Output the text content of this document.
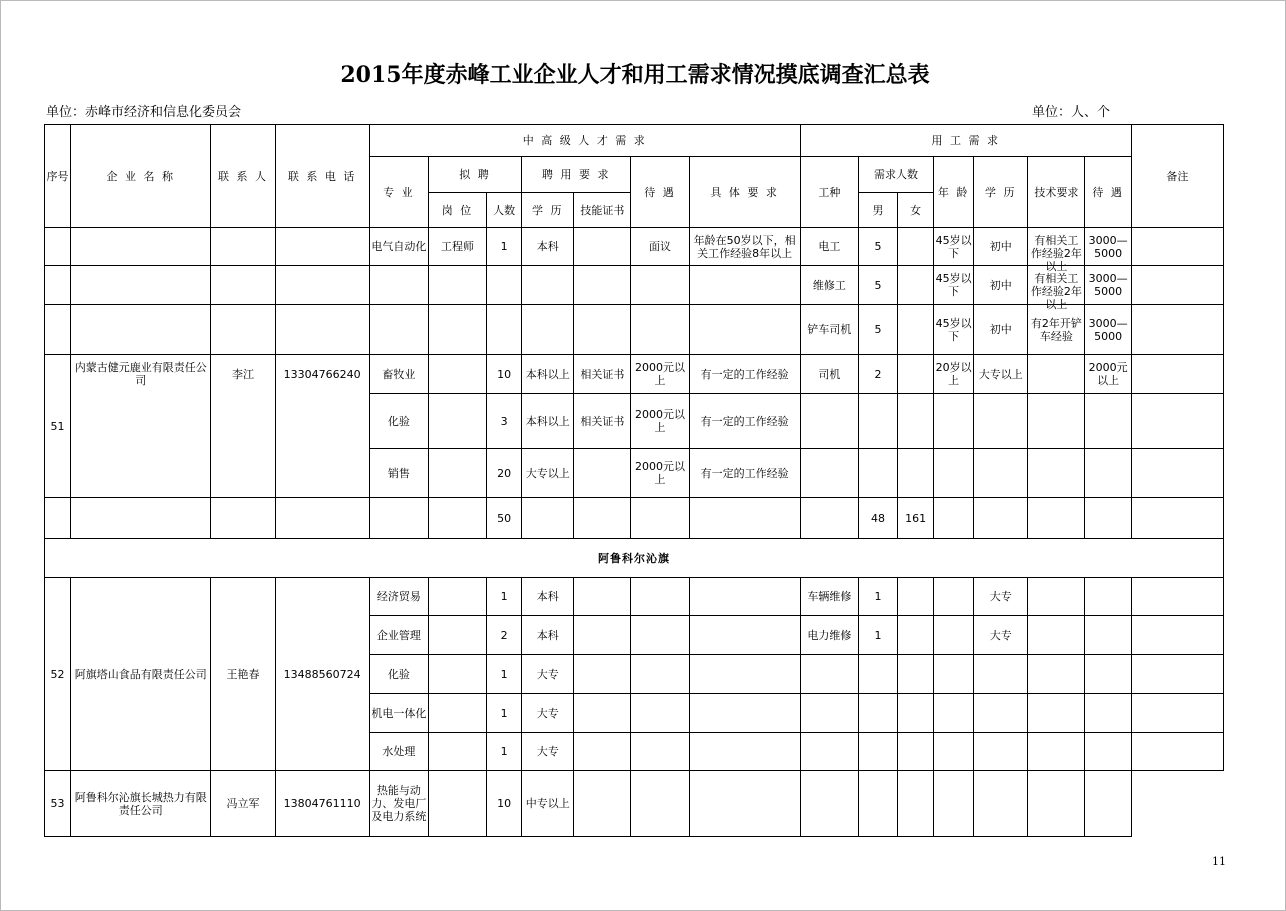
2015年度赤峰工业企业人才和用工需求情况摸底调查汇总表
单位：赤峰市经济和信息化委员会	单位：人、个
序号	企 业 名 称	联 系 人	联 系 电 话	中 高 级 人 才 需 求							用 工 需 求							备注
				专 业	拟 聘		聘 用 要 求		待 遇	具 体 要 求	工种	需求人数		年 龄	学 历	技术要求	待 遇	
					岗 位	人数	学 历	技能证书				男	女					
				电气自动化	工程师	1	本科		面议	年龄在50岁以下，相关工作经验8年以上	电工	5		45岁以下	初中	有相关工作经验2年以上	3000—5000	
											维修工	5		45岁以下	初中	有相关工作经验2年以上	3000—5000	
											铲车司机	5		45岁以下	初中	有2年开铲车经验	3000—5000	
51	内蒙古健元鹿业有限责任公司	李江	13304766240	畜牧业		10	本科以上	相关证书	2000元以上	有一定的工作经验	司机	2		20岁以上	大专以上		2000元以上	
				化验		3	本科以上	相关证书	2000元以上	有一定的工作经验								
				销售		20	大专以上		2000元以上	有一定的工作经验								
						50						48	161					
阿鲁科尔沁旗																		
52	阿旗塔山食品有限责任公司	王艳春	13488560724	经济贸易		1	本科				车辆维修	1			大专			
				企业管理		2	本科				电力维修	1			大专			
				化验		1	大专											
				机电一体化		1	大专											
				水处理		1	大专											
53	阿鲁科尔沁旗长城热力有限责任公司	冯立军	13804761110	热能与动力、发电厂及电力系统		10	中专以上											
11
